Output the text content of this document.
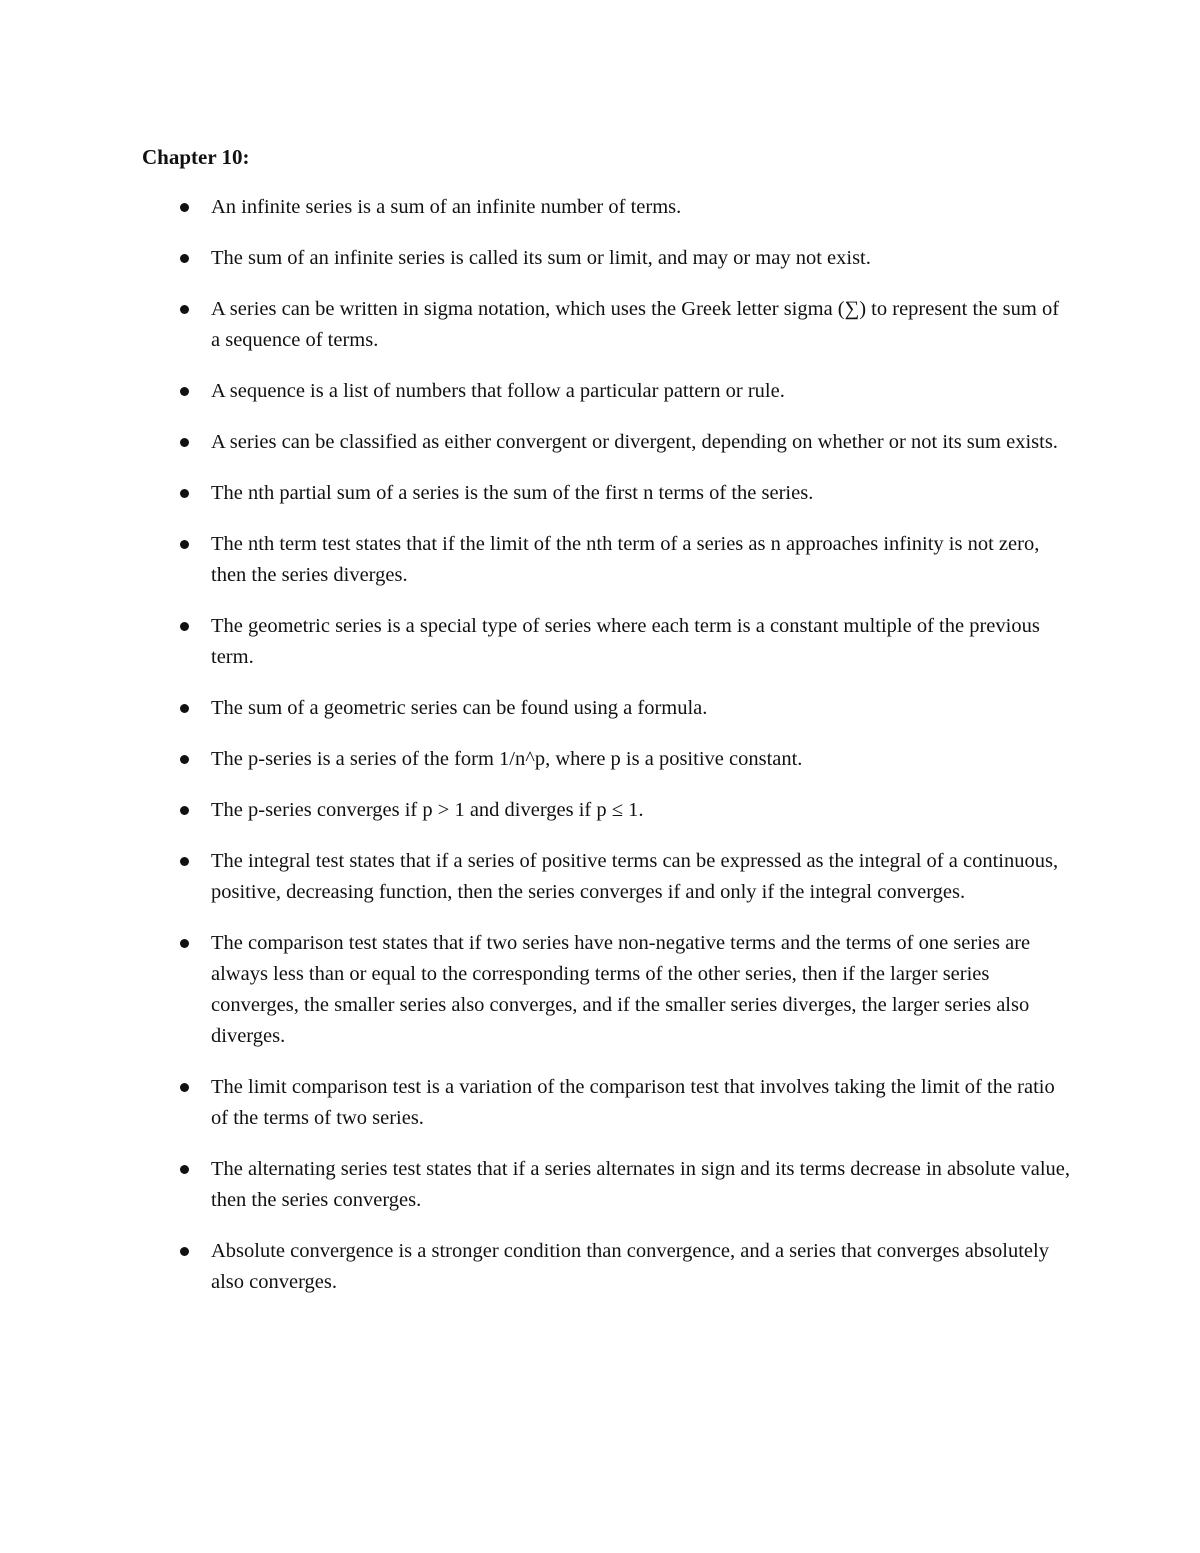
Chapter 10:
An infinite series is a sum of an infinite number of terms.
The sum of an infinite series is called its sum or limit, and may or may not exist.
A series can be written in sigma notation, which uses the Greek letter sigma (∑) to represent the sum of a sequence of terms.
A sequence is a list of numbers that follow a particular pattern or rule.
A series can be classified as either convergent or divergent, depending on whether or not its sum exists.
The nth partial sum of a series is the sum of the first n terms of the series.
The nth term test states that if the limit of the nth term of a series as n approaches infinity is not zero, then the series diverges.
The geometric series is a special type of series where each term is a constant multiple of the previous term.
The sum of a geometric series can be found using a formula.
The p-series is a series of the form 1/n^p, where p is a positive constant.
The p-series converges if p > 1 and diverges if p ≤ 1.
The integral test states that if a series of positive terms can be expressed as the integral of a continuous, positive, decreasing function, then the series converges if and only if the integral converges.
The comparison test states that if two series have non-negative terms and the terms of one series are always less than or equal to the corresponding terms of the other series, then if the larger series converges, the smaller series also converges, and if the smaller series diverges, the larger series also diverges.
The limit comparison test is a variation of the comparison test that involves taking the limit of the ratio of the terms of two series.
The alternating series test states that if a series alternates in sign and its terms decrease in absolute value, then the series converges.
Absolute convergence is a stronger condition than convergence, and a series that converges absolutely also converges.
